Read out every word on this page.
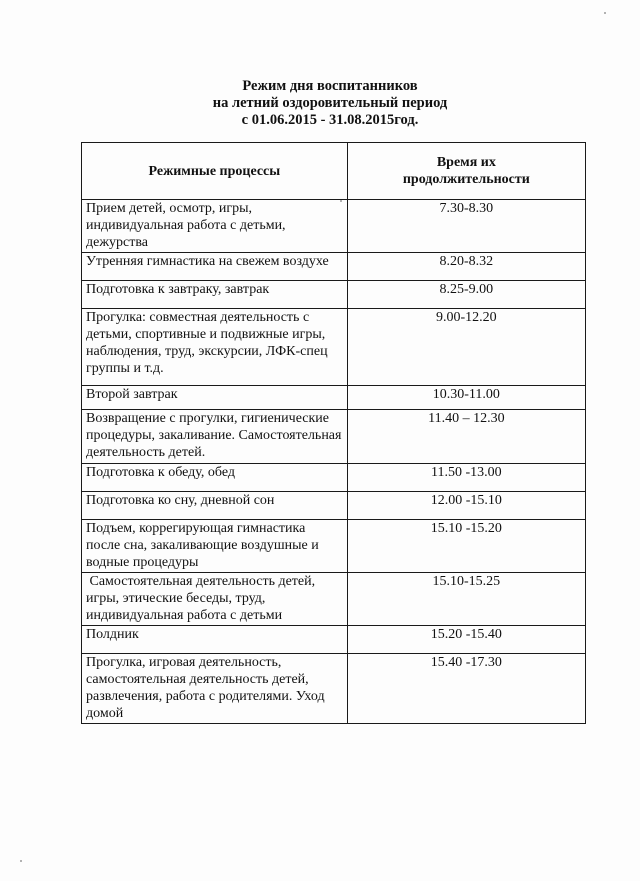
Режим дня воспитанников
на летний оздоровительный период
с 01.06.2015 - 31.08.2015год.
Режимные процессы	Время их
продолжительности

Прием детей, осмотр, игры, индивидуальная работа с детьми, дежурства	7.30-8.30
Утренняя гимнастика на свежем воздухе	8.20-8.32
Подготовка к завтраку, завтрак	8.25-9.00
Прогулка: совместная деятельность с детьми, спортивные и подвижные игры, наблюдения, труд, экскурсии, ЛФК-спец группы и т.д.	9.00-12.20
Второй завтрак	10.30-11.00
Возвращение с прогулки, гигиенические процедуры, закаливание. Самостоятельная деятельность детей.	11.40 – 12.30
Подготовка к обеду, обед	11.50 -13.00
Подготовка ко сну, дневной сон	12.00 -15.10
Подъем, коррегирующая гимнастика после сна, закаливающие воздушные и водные процедуры	15.10 -15.20
Самостоятельная деятельность детей, игры, этические беседы, труд, индивидуальная работа с детьми	15.10-15.25
Полдник	15.20 -15.40
Прогулка, игровая деятельность, самостоятельная деятельность детей, развлечения, работа с родителями. Уход домой	15.40 -17.30
